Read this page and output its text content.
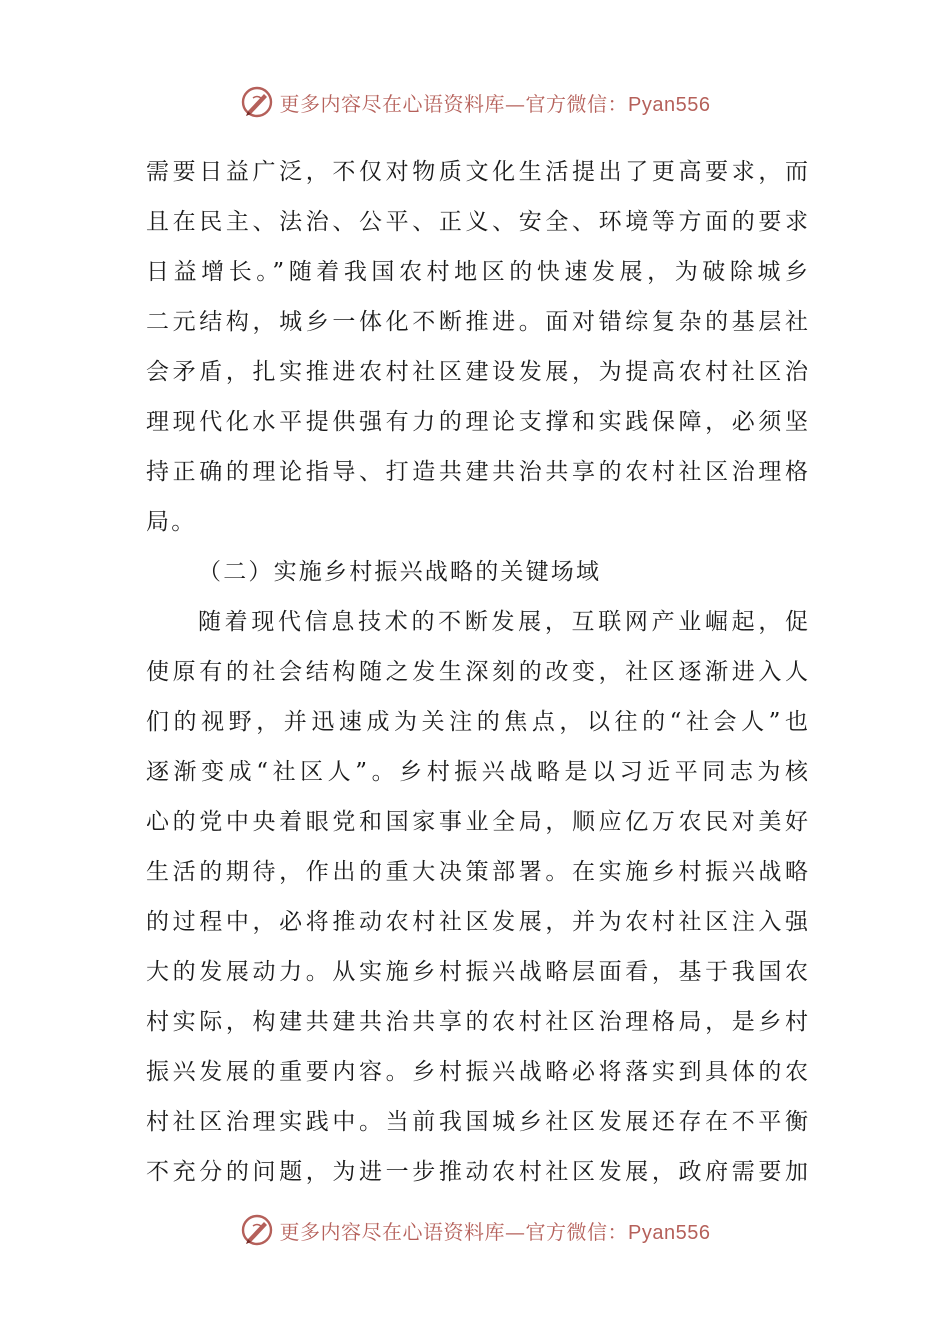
更多内容尽在心语资料库—官方微信：Pyan556
需要日益广泛，不仅对物质文化生活提出了更高要求，而
且在民主、法治、公平、正义、安全、环境等方面的要求
日益增长。”随着我国农村地区的快速发展，为破除城乡
二元结构，城乡一体化不断推进。面对错综复杂的基层社
会矛盾，扎实推进农村社区建设发展，为提高农村社区治
理现代化水平提供强有力的理论支撑和实践保障，必须坚
持正确的理论指导、打造共建共治共享的农村社区治理格
局。
（二）实施乡村振兴战略的关键场域
随着现代信息技术的不断发展，互联网产业崛起，促
使原有的社会结构随之发生深刻的改变，社区逐渐进入人
们的视野，并迅速成为关注的焦点，以往的“社会人”也
逐渐变成“社区人”。乡村振兴战略是以习近平同志为核
心的党中央着眼党和国家事业全局，顺应亿万农民对美好
生活的期待，作出的重大决策部署。在实施乡村振兴战略
的过程中，必将推动农村社区发展，并为农村社区注入强
大的发展动力。从实施乡村振兴战略层面看，基于我国农
村实际，构建共建共治共享的农村社区治理格局，是乡村
振兴发展的重要内容。乡村振兴战略必将落实到具体的农
村社区治理实践中。当前我国城乡社区发展还存在不平衡
不充分的问题，为进一步推动农村社区发展，政府需要加
更多内容尽在心语资料库—官方微信：Pyan556
